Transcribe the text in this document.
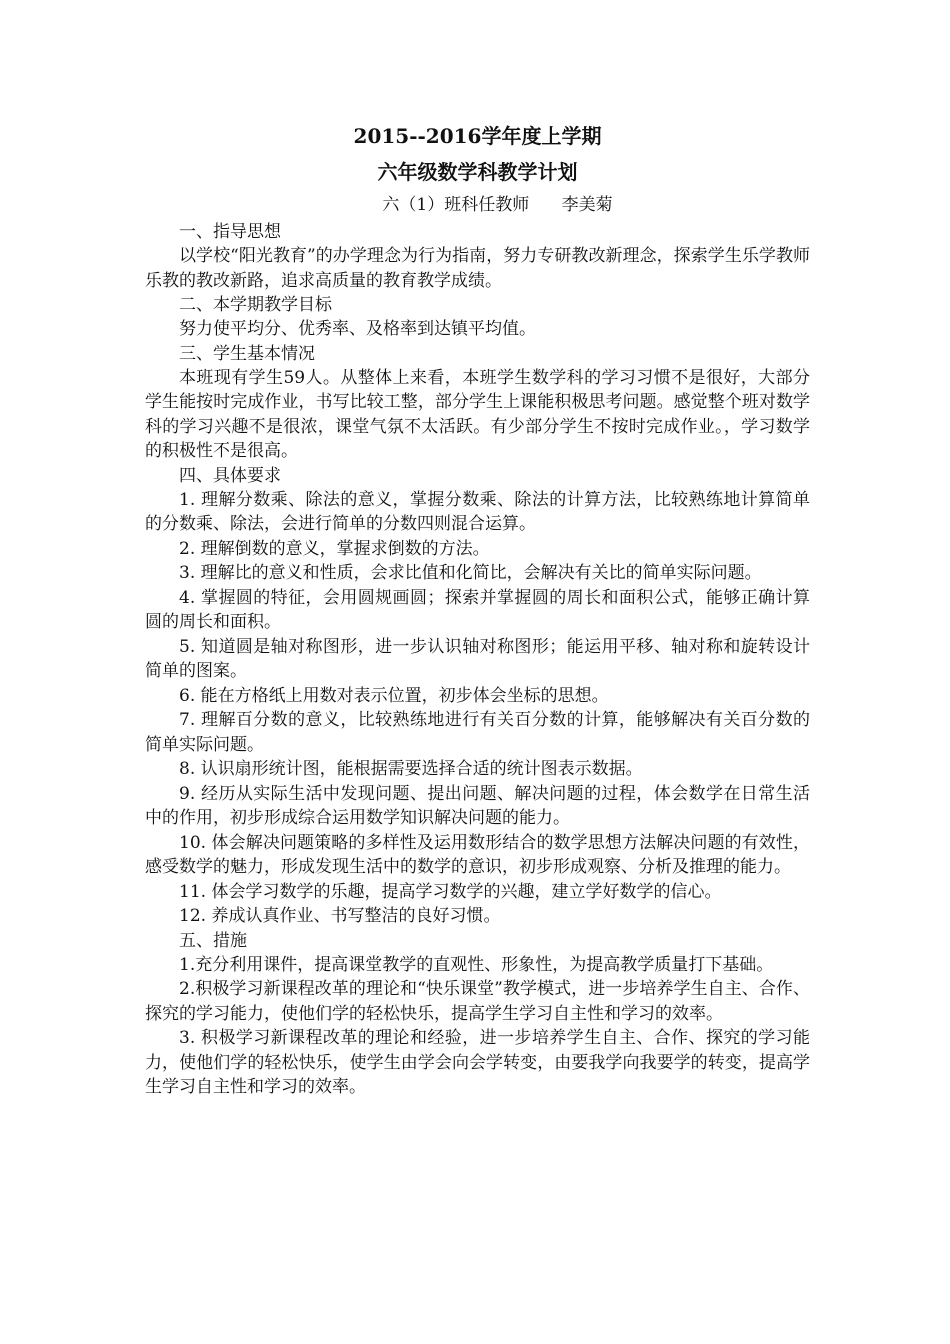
2015--2016学年度上学期
六年级数学科教学计划

六（1）班科任教师      李美菊

一、指导思想

以学校“阳光教育”的办学理念为行为指南，努力专研教改新理念，探索学生乐学教师乐教的教改新路，追求高质量的教育教学成绩。

二、本学期教学目标

努力使平均分、优秀率、及格率到达镇平均值。

三、学生基本情况

本班现有学生59人。从整体上来看，本班学生数学科的学习习惯不是很好，大部分学生能按时完成作业，书写比较工整，部分学生上课能积极思考问题。感觉整个班对数学科的学习兴趣不是很浓，课堂气氛不太活跃。有少部分学生不按时完成作业。，学习数学的积极性不是很高。

四、具体要求

1. 理解分数乘、除法的意义，掌握分数乘、除法的计算方法，比较熟练地计算简单的分数乘、除法，会进行简单的分数四则混合运算。

2. 理解倒数的意义，掌握求倒数的方法。

3. 理解比的意义和性质，会求比值和化简比，会解决有关比的简单实际问题。

4. 掌握圆的特征，会用圆规画圆；探索并掌握圆的周长和面积公式，能够正确计算圆的周长和面积。

5. 知道圆是轴对称图形，进一步认识轴对称图形；能运用平移、轴对称和旋转设计简单的图案。

6. 能在方格纸上用数对表示位置，初步体会坐标的思想。

7. 理解百分数的意义，比较熟练地进行有关百分数的计算，能够解决有关百分数的简单实际问题。

8. 认识扇形统计图，能根据需要选择合适的统计图表示数据。

9. 经历从实际生活中发现问题、提出问题、解决问题的过程，体会数学在日常生活中的作用，初步形成综合运用数学知识解决问题的能力。

10. 体会解决问题策略的多样性及运用数形结合的数学思想方法解决问题的有效性，感受数学的魅力，形成发现生活中的数学的意识，初步形成观察、分析及推理的能力。

11. 体会学习数学的乐趣，提高学习数学的兴趣，建立学好数学的信心。

12. 养成认真作业、书写整洁的良好习惯。

五、措施

1.充分利用课件，提高课堂教学的直观性、形象性，为提高教学质量打下基础。

2.积极学习新课程改革的理论和“快乐课堂”教学模式，进一步培养学生自主、合作、探究的学习能力，使他们学的轻松快乐，提高学生学习自主性和学习的效率。

3. 积极学习新课程改革的理论和经验，进一步培养学生自主、合作、探究的学习能力，使他们学的轻松快乐，使学生由学会向会学转变，由要我学向我要学的转变，提高学生学习自主性和学习的效率。
